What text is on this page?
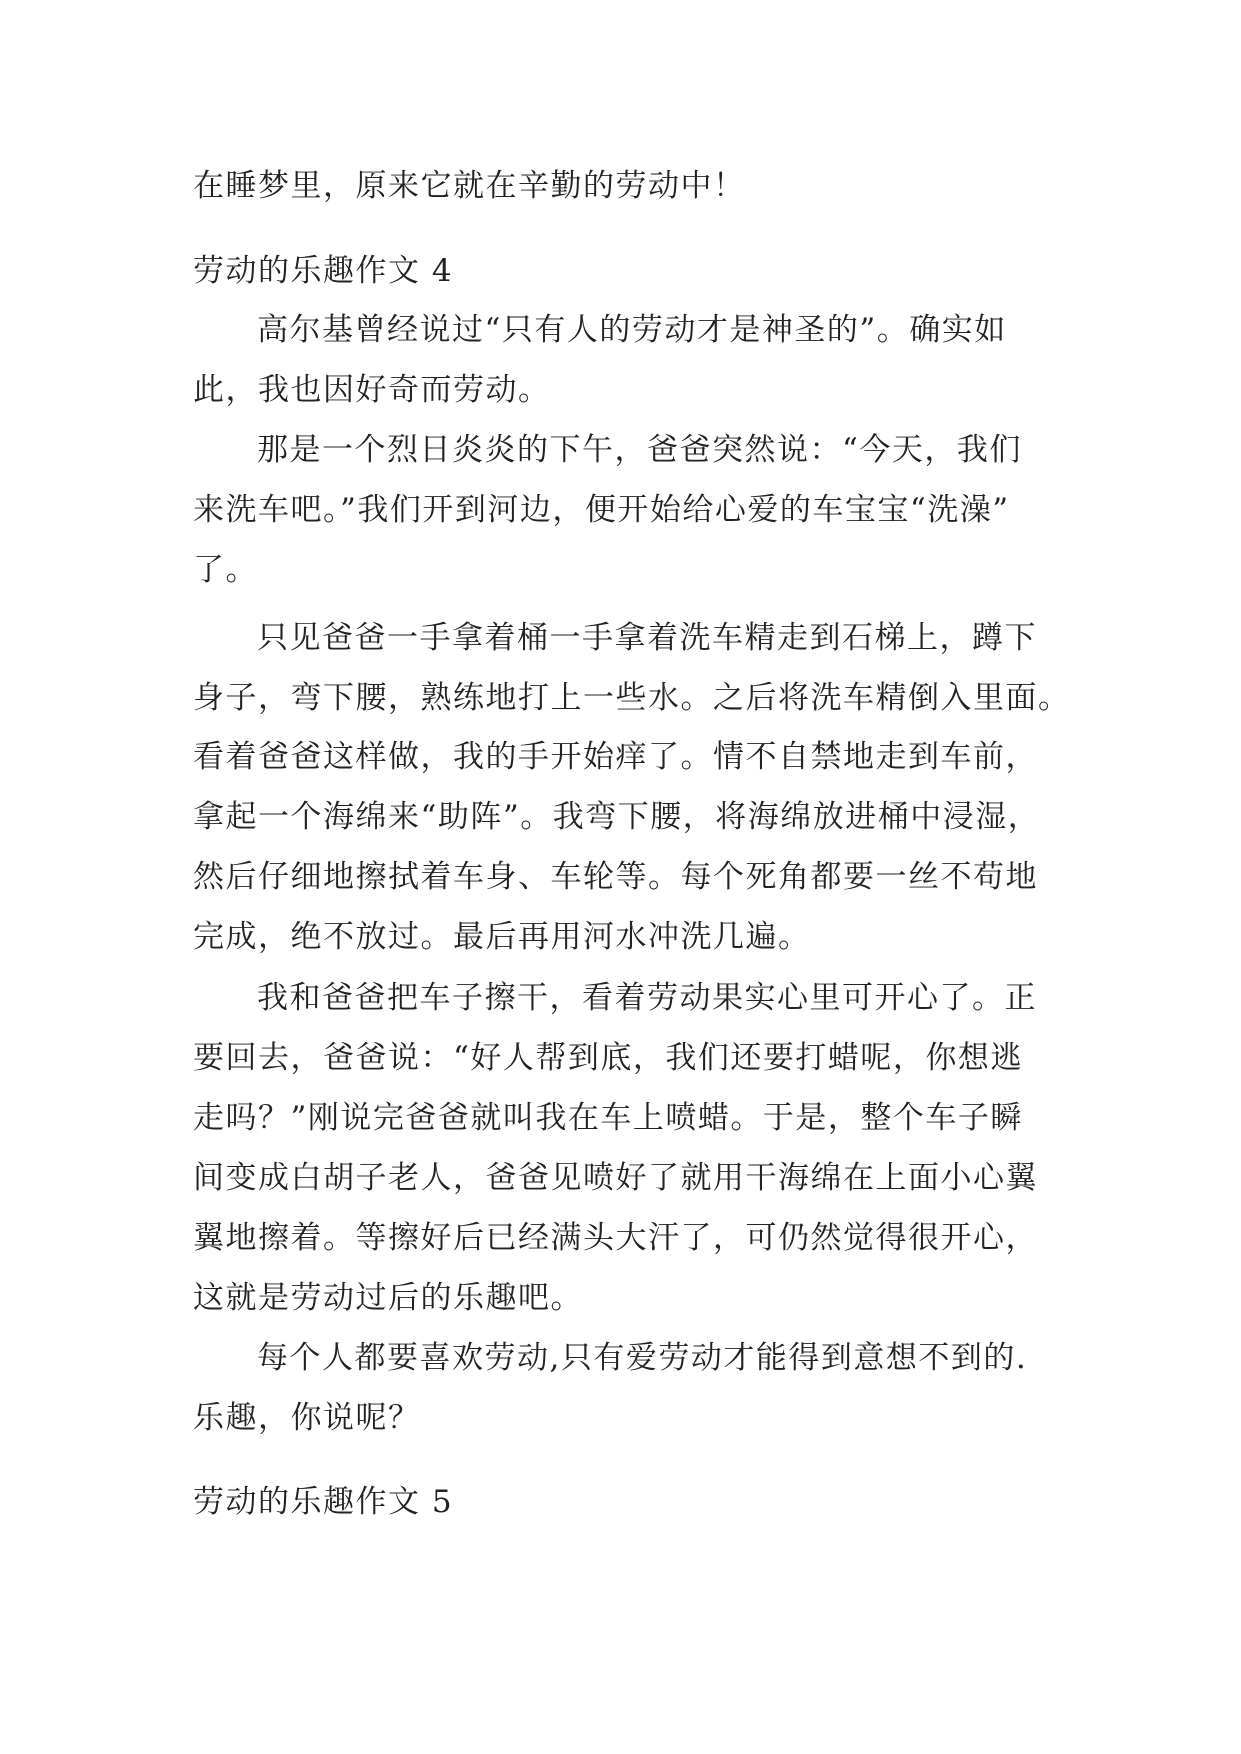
在睡梦里，原来它就在辛勤的劳动中！
劳动的乐趣作文 4
高尔基曾经说过“只有人的劳动才是神圣的”。确实如
此，我也因好奇而劳动。
那是一个烈日炎炎的下午，爸爸突然说：“今天，我们
来洗车吧。”我们开到河边，便开始给心爱的车宝宝“洗澡”
了。
只见爸爸一手拿着桶一手拿着洗车精走到石梯上，蹲下
身子，弯下腰，熟练地打上一些水。之后将洗车精倒入里面。
看着爸爸这样做，我的手开始痒了。情不自禁地走到车前，
拿起一个海绵来“助阵”。我弯下腰，将海绵放进桶中浸湿，
然后仔细地擦拭着车身、车轮等。每个死角都要一丝不苟地
完成，绝不放过。最后再用河水冲洗几遍。
我和爸爸把车子擦干，看着劳动果实心里可开心了。正
要回去，爸爸说：“好人帮到底，我们还要打蜡呢，你想逃
走吗？”刚说完爸爸就叫我在车上喷蜡。于是，整个车子瞬
间变成白胡子老人，爸爸见喷好了就用干海绵在上面小心翼
翼地擦着。等擦好后已经满头大汗了，可仍然觉得很开心，
这就是劳动过后的乐趣吧。
每个人都要喜欢劳动,只有爱劳动才能得到意想不到的.
乐趣，你说呢？
劳动的乐趣作文 5
